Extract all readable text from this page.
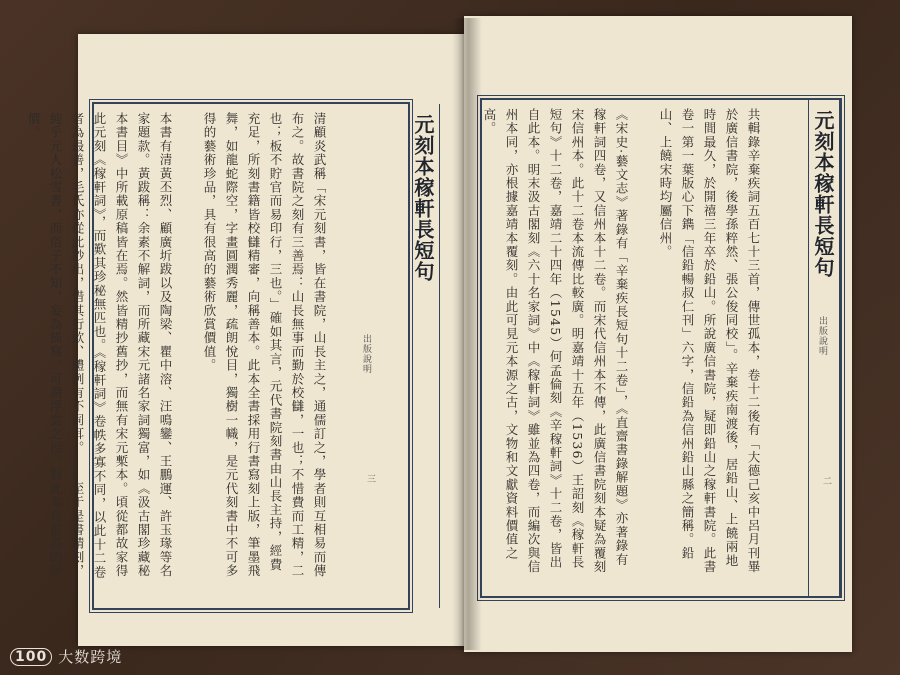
清顧炎武稱「宋元刻書，皆在書院，山長主之，通儒訂之，學者則互相易而傳布之。故書院之刻有三善焉：山長無事而勤於校讎，一也；不惜費而工精，二也；板不貯官而易印行，三也。」確如其言，元代書院刻書由山長主持，經費充足，所刻書籍皆校讎精審，向稱善本。此本全書採用行書寫刻上版，筆墨飛舞，如龍蛇際空，字畫圓潤秀麗，疏朗悅目，獨樹一幟，是元代刻書中不可多得的藝術珍品，具有很高的藝術欣賞價值。

本書有清黃丕烈、顧廣圻跋以及陶梁、瞿中溶、汪鳴鑾、王鵬運、許玉瑑等名家題款。黃跋稱：余素不解詞，而所藏宋元諸名家詞獨富，如《汲古閣珍藏秘本書目》中所載原稿皆在焉。然皆精抄舊抄，而無有宋元槧本。頃從都故家得此元刻《稼軒詞》，而歎其珍秘無匹也。《稼軒詞》卷帙多寡不同，以此十二卷者為最善，毛氏亦從此鈔出，惜其行欵、體例有不同耳。……至于是書精刻，純乎元人松雪書，而俗子不知，妄為描寫，可謂浮雲之污。對此本有很高的評價。	元刻本稼軒長短句
出版說明
三	共輯錄辛棄疾詞五百七十三首，傳世孤本，卷十二後有「大德己亥中呂月刊畢於廣信書院，後學孫粹然、張公俊同校」。辛棄疾南渡後，居鉛山、上饒兩地時間最久，於開禧三年卒於鉛山。所說廣信書院，疑即鉛山之稼軒書院。此書卷一第一葉版心下鐫「信鉛暢叔仁刊」六字，信鉛為信州鉛山縣之簡稱。鉛山、上饒宋時均屬信州。

《宋史·藝文志》著錄有「辛棄疾長短句十二卷」，《直齋書錄解題》亦著錄有稼軒詞四卷，又信州本十二卷。而宋代信州本不傳，此廣信書院刻本疑為覆刻宋信州本。此十二卷本流傳比較廣。明嘉靖十五年（1536）王詔刻《稼軒長短句》十二卷，嘉靖二十四年（1545）何孟倫刻《辛稼軒詞》十二卷，皆出自此本。明末汲古閣刻《六十名家詞》中《稼軒詞》雖並為四卷，而編次與信州本同，亦根據嘉靖本覆刻。由此可見元本源之古，文物和文獻資料價值之高。	元刻本稼軒長短句
出版說明
二
100 大数跨境
